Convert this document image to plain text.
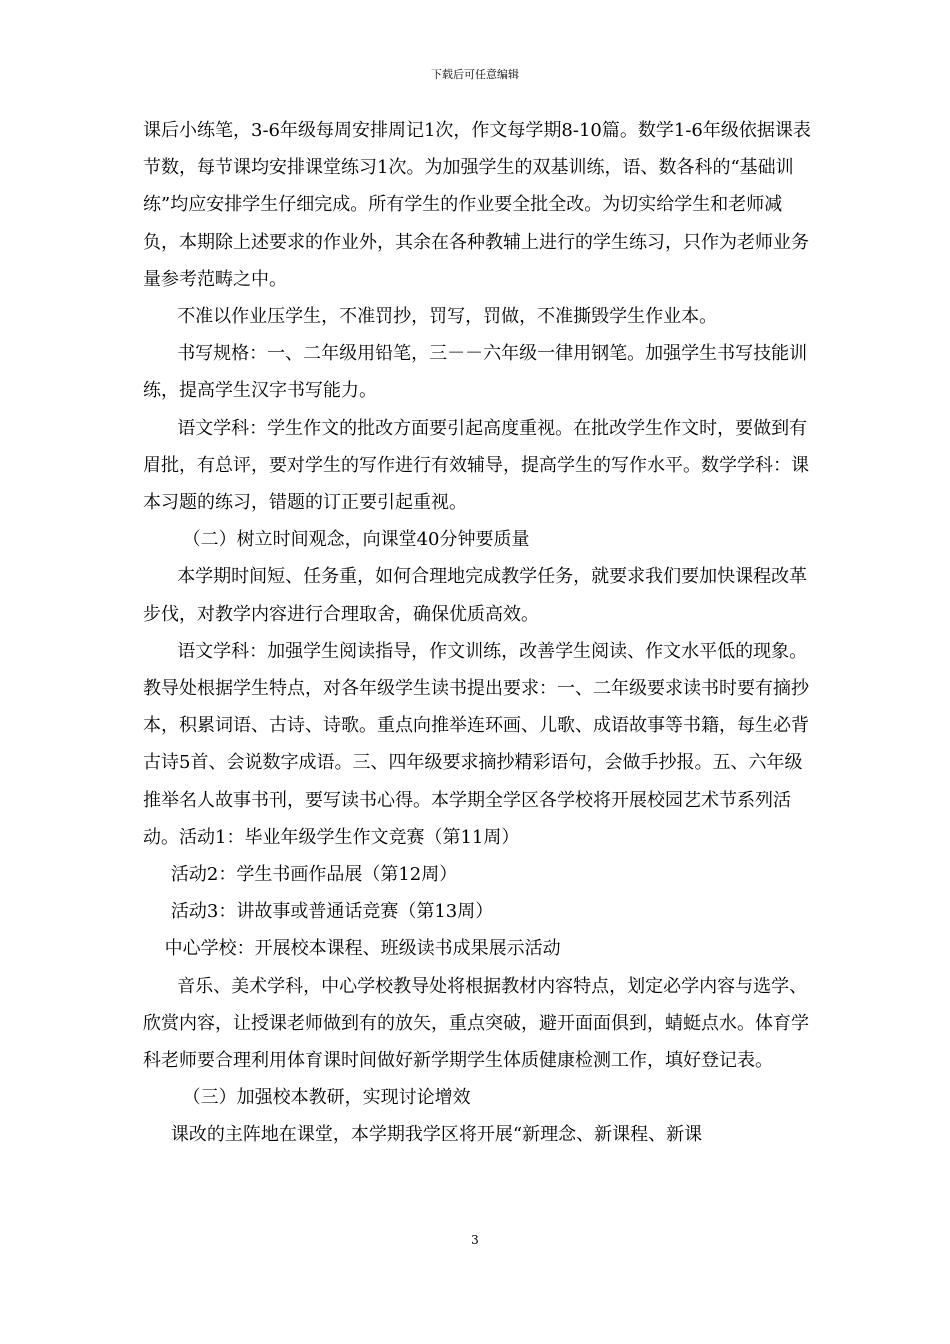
下载后可任意编辑

课后小练笔，3-6年级每周安排周记1次，作文每学期8-10篇。数学1-6年级依据课表节数，每节课均安排课堂练习1次。为加强学生的双基训练，语、数各科的“基础训练”均应安排学生仔细完成。所有学生的作业要全批全改。为切实给学生和老师减负，本期除上述要求的作业外，其余在各种教辅上进行的学生练习，只作为老师业务量参考范畴之中。

不准以作业压学生，不准罚抄，罚写，罚做，不准撕毁学生作业本。

书写规格：一、二年级用铅笔，三－－六年级一律用钢笔。加强学生书写技能训练，提高学生汉字书写能力。

语文学科：学生作文的批改方面要引起高度重视。在批改学生作文时，要做到有眉批，有总评，要对学生的写作进行有效辅导，提高学生的写作水平。数学学科：课本习题的练习，错题的订正要引起重视。

（二）树立时间观念，向课堂40分钟要质量

本学期时间短、任务重，如何合理地完成教学任务，就要求我们要加快课程改革步伐，对教学内容进行合理取舍，确保优质高效。

语文学科：加强学生阅读指导，作文训练，改善学生阅读、作文水平低的现象。教导处根据学生特点，对各年级学生读书提出要求：一、二年级要求读书时要有摘抄本，积累词语、古诗、诗歌。重点向推举连环画、儿歌、成语故事等书籍，每生必背古诗5首、会说数字成语。三、四年级要求摘抄精彩语句，会做手抄报。五、六年级推举名人故事书刊，要写读书心得。本学期全学区各学校将开展校园艺术节系列活动。活动1：毕业年级学生作文竞赛（第11周）

活动2：学生书画作品展（第12周）

活动3：讲故事或普通话竞赛（第13周）

中心学校：开展校本课程、班级读书成果展示活动

音乐、美术学科，中心学校教导处将根据教材内容特点，划定必学内容与选学、欣赏内容，让授课老师做到有的放矢，重点突破，避开面面俱到，蜻蜓点水。体育学科老师要合理利用体育课时间做好新学期学生体质健康检测工作，填好登记表。

（三）加强校本教研，实现讨论增效

课改的主阵地在课堂，本学期我学区将开展“新理念、新课程、新课

3
